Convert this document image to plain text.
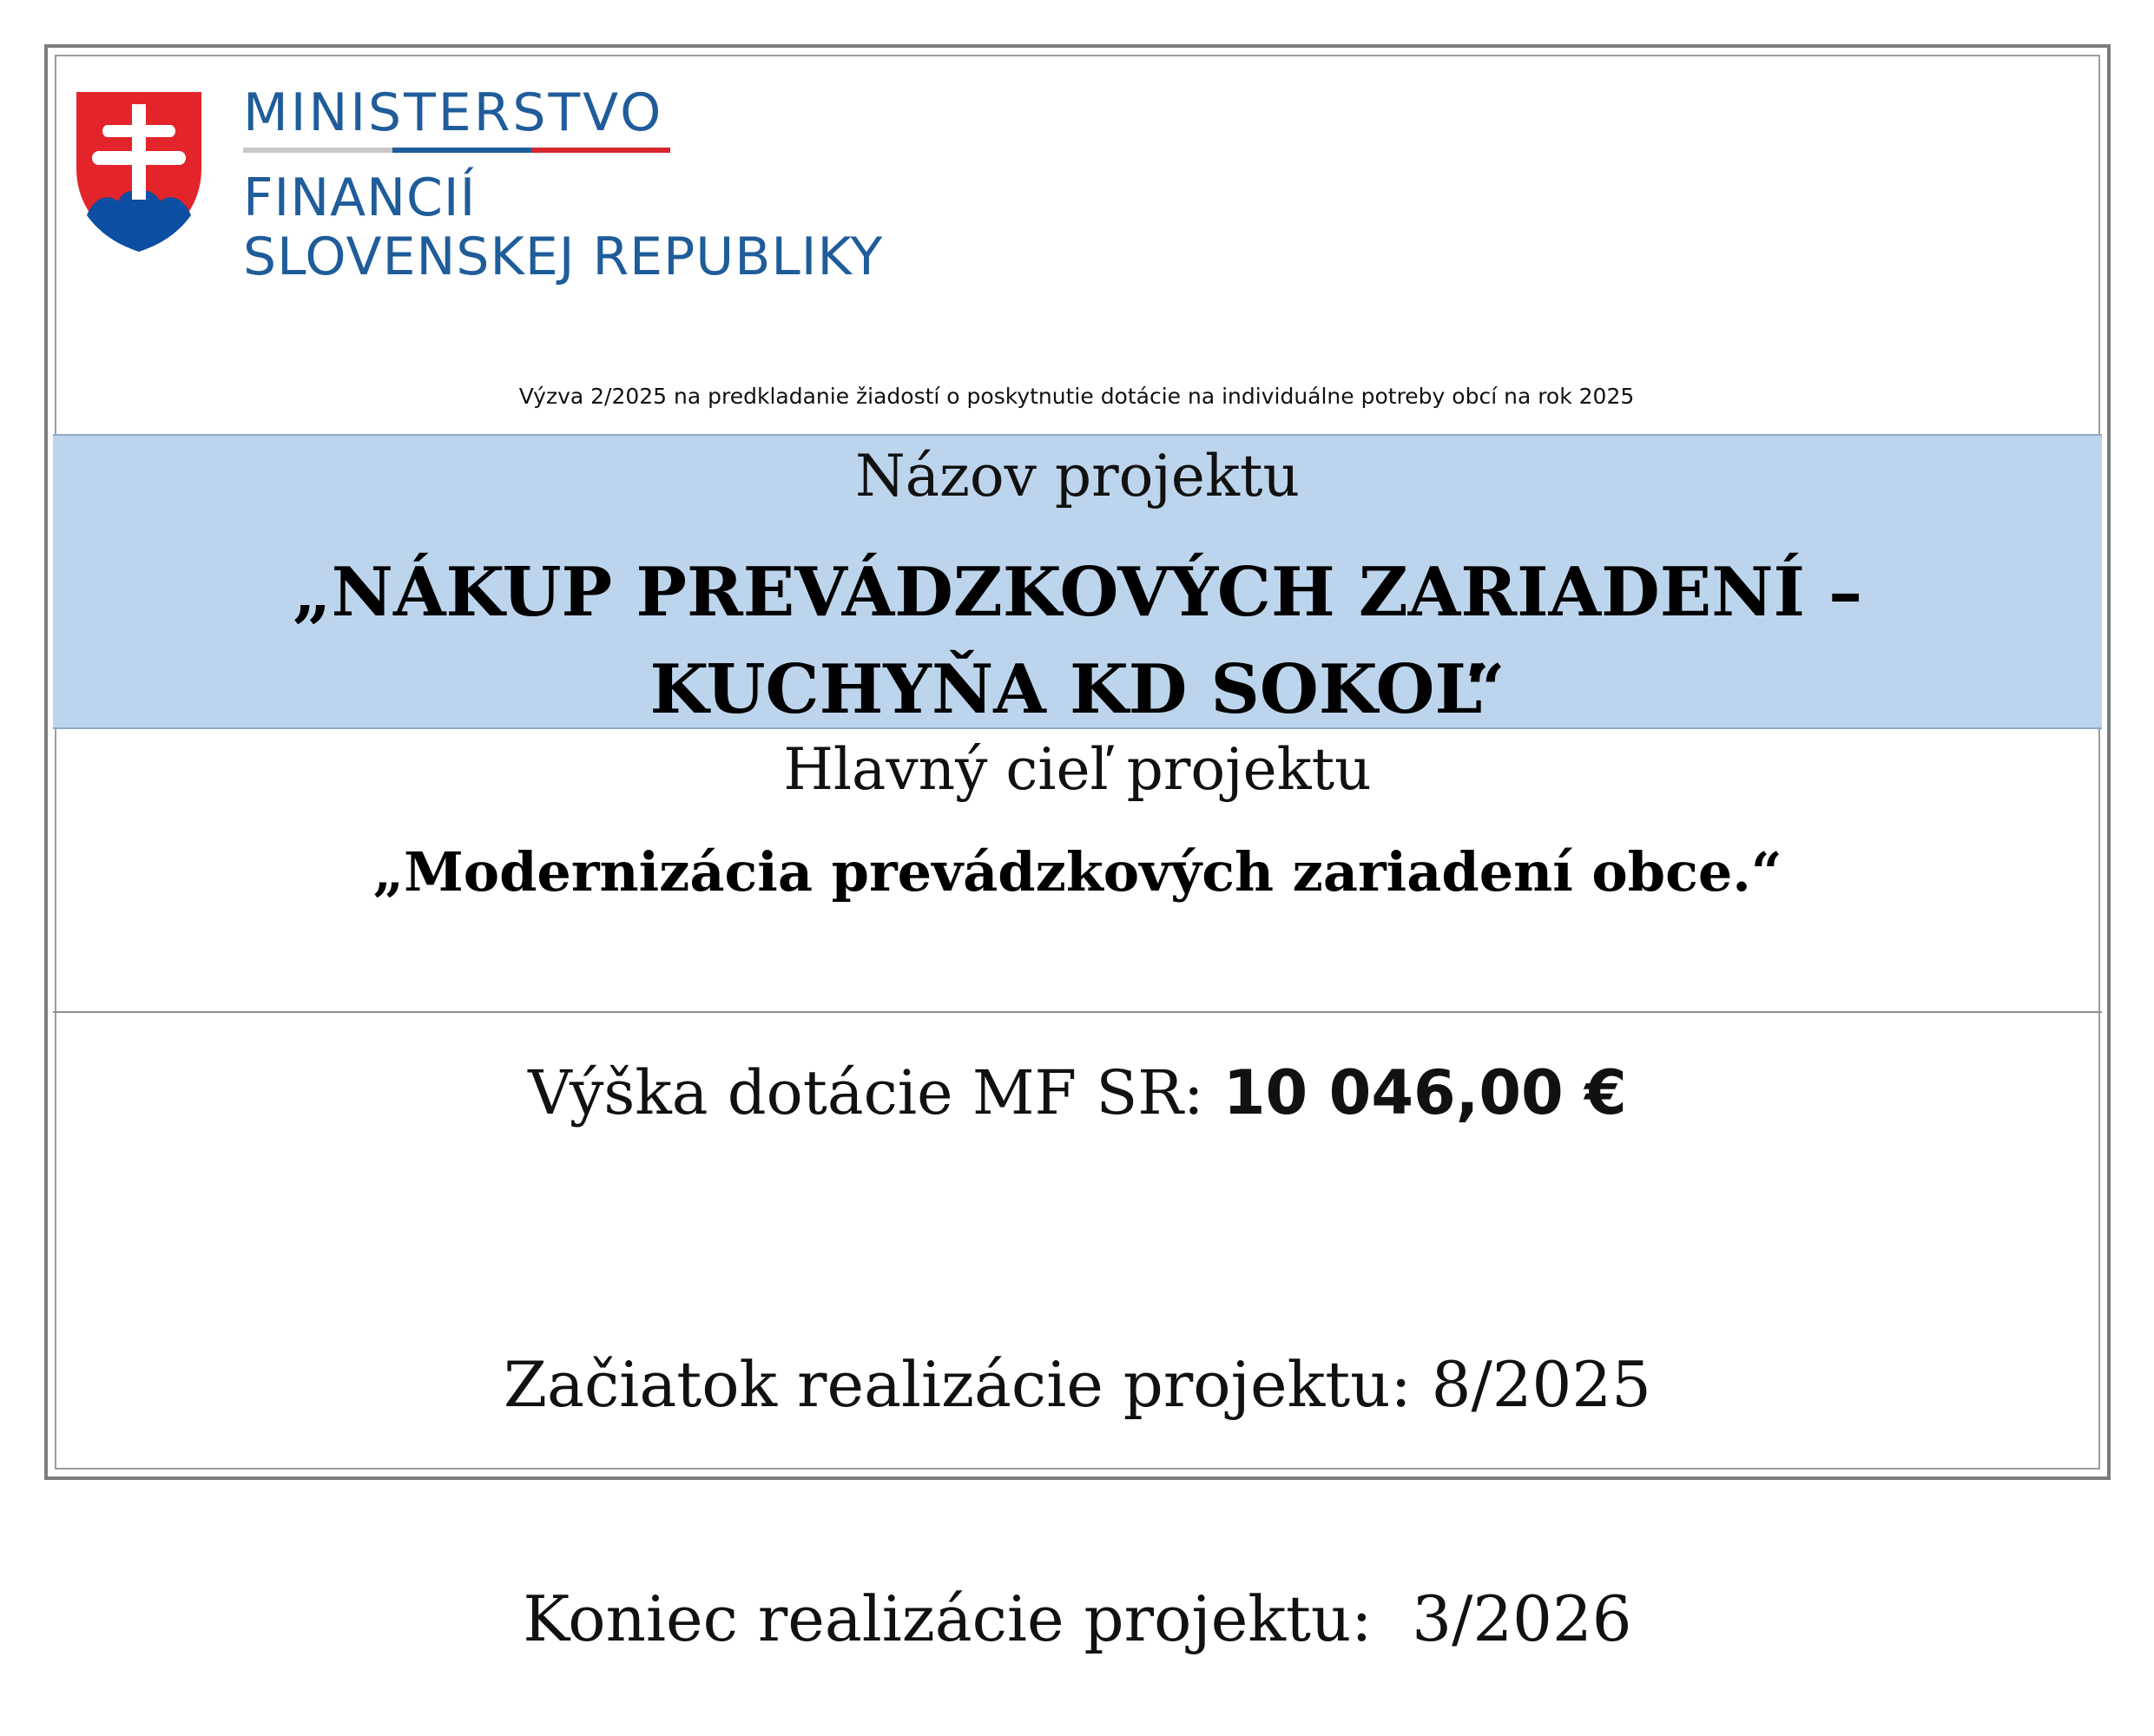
MINISTERSTVO
FINANCIÍ
SLOVENSKEJ REPUBLIKY
Výzva 2/2025 na predkladanie žiadostí o poskytnutie dotácie na individuálne potreby obcí na rok 2025
Názov projektu
„NÁKUP PREVÁDZKOVÝCH ZARIADENÍ –
KUCHYŇA KD SOKOĽ“
Hlavný cieľ projektu
„Modernizácia prevádzkových zariadení obce.“
Výška dotácie MF SR: 10 046,00 €

Začiatok realizácie projektu: 8/2025

Koniec realizácie projektu:  3/2026
